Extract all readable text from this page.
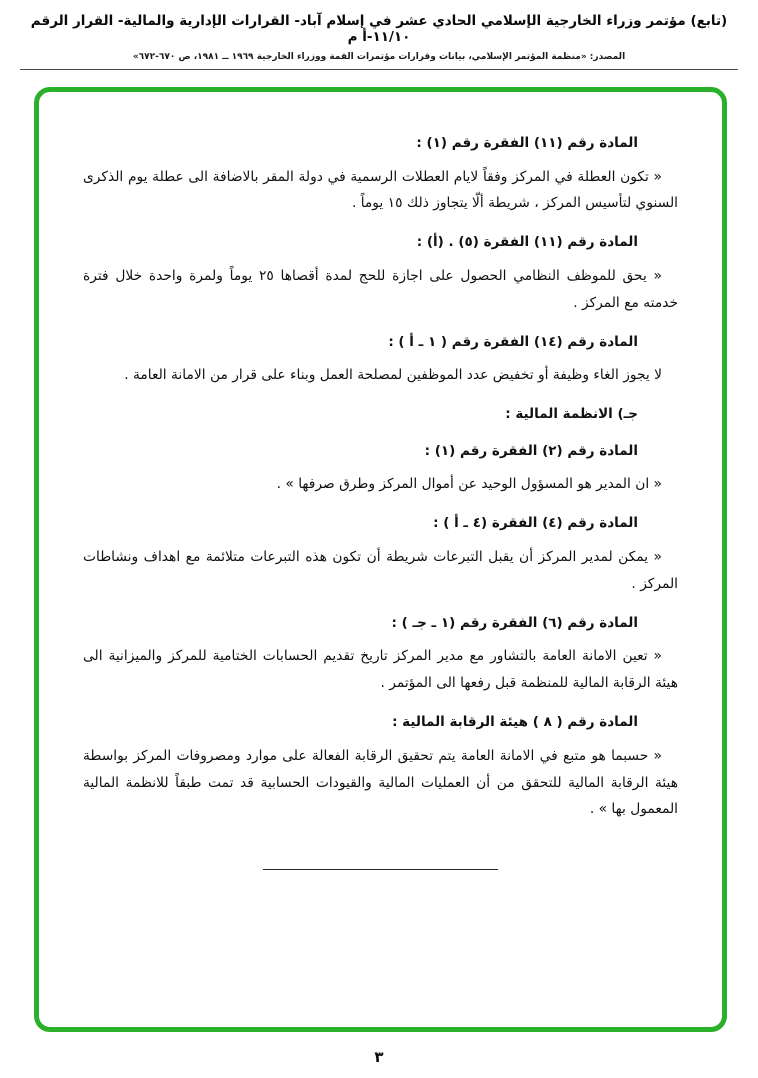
(تابع) مؤتمر وزراء الخارجية الإسلامي الحادي عشر في إسلام آباد- القرارات الإدارية والمالية- القرار الرقم ١١/١٠-أ م
المصدر: «منظمة المؤتمر الإسلامي، بيانات وقرارات مؤتمرات القمة ووزراء الخارجية ١٩٦٩ ــ ١٩٨١، ص ٦٧٠-٦٧٢»

المادة رقم (١١) الفقرة رقم (١) :

« تكون العطلة في المركز وفقاً لايام العطلات الرسمية في دولة المقر بالاضافة الى عطلة يوم الذكرى السنوي لتأسيس المركز ، شريطة ألّا يتجاوز ذلك ١٥ يوماً .

المادة رقم (١١) الفقرة (٥) . (أ) :

« يحق للموظف النظامي الحصول على اجازة للحج لمدة أقصاها ٢٥ يوماً ولمرة واحدة خلال فترة خدمته مع المركز .

المادة رقم (١٤) الفقرة رقم ( ١ ـ أ ) :

لا يجوز الغاء وظيفة أو تخفيض عدد الموظفين لمصلحة العمل وبناء على قرار من الامانة العامة .

جـ) الانظمة المالية :

المادة رقم (٢) الفقرة رقم (١) :

« ان المدير هو المسؤول الوحيد عن أموال المركز وطرق صرفها » .

المادة رقم (٤) الفقرة (٤ ـ أ ) :

« يمكن لمدير المركز أن يقبل التبرعات شريطة أن تكون هذه التبرعات متلائمة مع اهداف ونشاطات المركز .

المادة رقم (٦) الفقرة رقم (١ ـ جـ ) :

« تعين الامانة العامة بالتشاور مع مدير المركز تاريخ تقديم الحسابات الختامية للمركز والميزانية الى هيئة الرقابة المالية للمنظمة قبل رفعها الى المؤتمر .

المادة رقم ( ٨ ) هيئة الرقابة المالية :

« حسبما هو متبع في الامانة العامة يتم تحقيق الرقابة الفعالة على موارد ومصروفات المركز بواسطة هيئة الرقابة المالية للتحقق من أن العمليات المالية والقيودات الحسابية قد تمت طبقاً للانظمة المالية المعمول بها » .

٣
